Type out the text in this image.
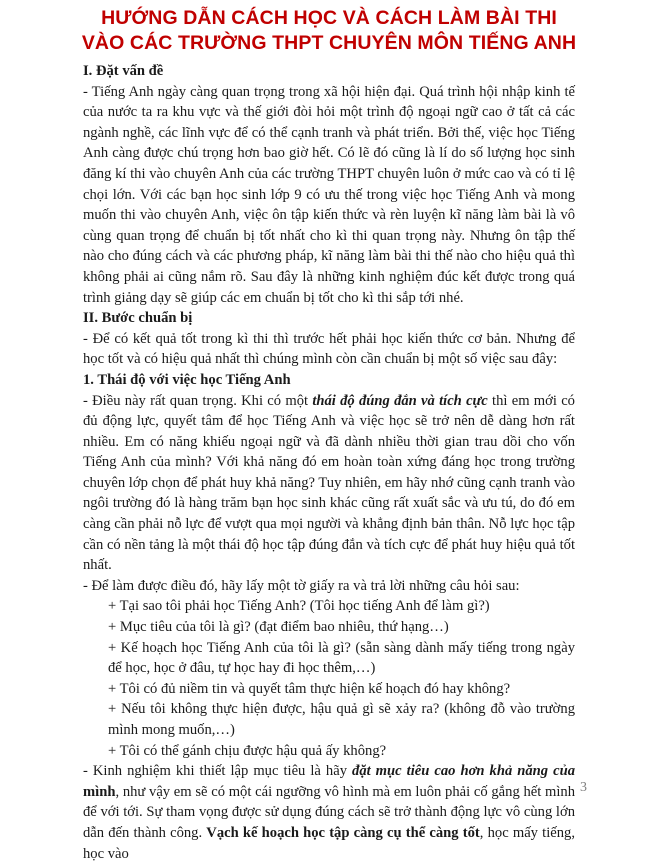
HƯỚNG DẪN CÁCH HỌC VÀ CÁCH LÀM BÀI THI
VÀO CÁC TRƯỜNG THPT CHUYÊN MÔN TIẾNG ANH

I. Đặt vấn đề

- Tiếng Anh ngày càng quan trọng trong xã hội hiện đại. Quá trình hội nhập kinh tế của nước ta ra khu vực và thế giới đòi hỏi một trình độ ngoại ngữ cao ở tất cả các ngành nghề, các lĩnh vực để có thể cạnh tranh và phát triển. Bởi thế, việc học Tiếng Anh càng được chú trọng hơn bao giờ hết. Có lẽ đó cũng là lí do số lượng học sinh đăng kí thi vào chuyên Anh của các trường THPT chuyên luôn ở mức cao và có tỉ lệ chọi lớn. Với các bạn học sinh lớp 9 có ưu thế trong việc học Tiếng Anh và mong muốn thi vào chuyên Anh, việc ôn tập kiến thức và rèn luyện kĩ năng làm bài là vô cùng quan trọng để chuẩn bị tốt nhất cho kì thi quan trọng này. Nhưng ôn tập thế nào cho đúng cách và các phương pháp, kĩ năng làm bài thi thế nào cho hiệu quả thì không phải ai cũng nắm rõ. Sau đây là những kinh nghiệm đúc kết được trong quá trình giảng dạy sẽ giúp các em chuẩn bị tốt cho kì thi sắp tới nhé.

II. Bước chuẩn bị

- Để có kết quả tốt trong kì thi thì trước hết phải học kiến thức cơ bản. Nhưng để học tốt và có hiệu quả nhất thì chúng mình còn cần chuẩn bị một số việc sau đây:

1. Thái độ với việc học Tiếng Anh

- Điều này rất quan trọng. Khi có một thái độ đúng đắn và tích cực thì em mới có đủ động lực, quyết tâm để học Tiếng Anh và việc học sẽ trở nên dễ dàng hơn rất nhiều. Em có năng khiếu ngoại ngữ và đã dành nhiều thời gian trau dồi cho vốn Tiếng Anh của mình? Với khả năng đó em hoàn toàn xứng đáng học trong trường chuyên lớp chọn để phát huy khả năng? Tuy nhiên, em hãy nhớ cũng cạnh tranh vào ngôi trường đó là hàng trăm bạn học sinh khác cũng rất xuất sắc và ưu tú, do đó em càng cần phải nỗ lực để vượt qua mọi người và khẳng định bản thân. Nỗ lực học tập cần có nền tảng là một thái độ học tập đúng đắn và tích cực để phát huy hiệu quả tốt nhất.

- Để làm được điều đó, hãy lấy một tờ giấy ra và trả lời những câu hỏi sau:

+ Tại sao tôi phải học Tiếng Anh? (Tôi học tiếng Anh để làm gì?)

+ Mục tiêu của tôi là gì? (đạt điểm bao nhiêu, thứ hạng…)

+ Kế hoạch học Tiếng Anh của tôi là gì? (sẵn sàng dành mấy tiếng trong ngày để học, học ở đâu, tự học hay đi học thêm,…)

+ Tôi có đủ niềm tin và quyết tâm thực hiện kế hoạch đó hay không?

+ Nếu tôi không thực hiện được, hậu quả gì sẽ xảy ra? (không đỗ vào trường mình mong muốn,…)

+ Tôi có thể gánh chịu được hậu quả ấy không?

- Kinh nghiệm khi thiết lập mục tiêu là hãy đặt mục tiêu cao hơn khả năng của mình, như vậy em sẽ có một cái ngưỡng vô hình mà em luôn phải cố gắng hết mình để với tới. Sự tham vọng được sử dụng đúng cách sẽ trở thành động lực vô cùng lớn dẫn đến thành công. Vạch kế hoạch học tập càng cụ thể càng tốt, học mấy tiếng, học vào

3
